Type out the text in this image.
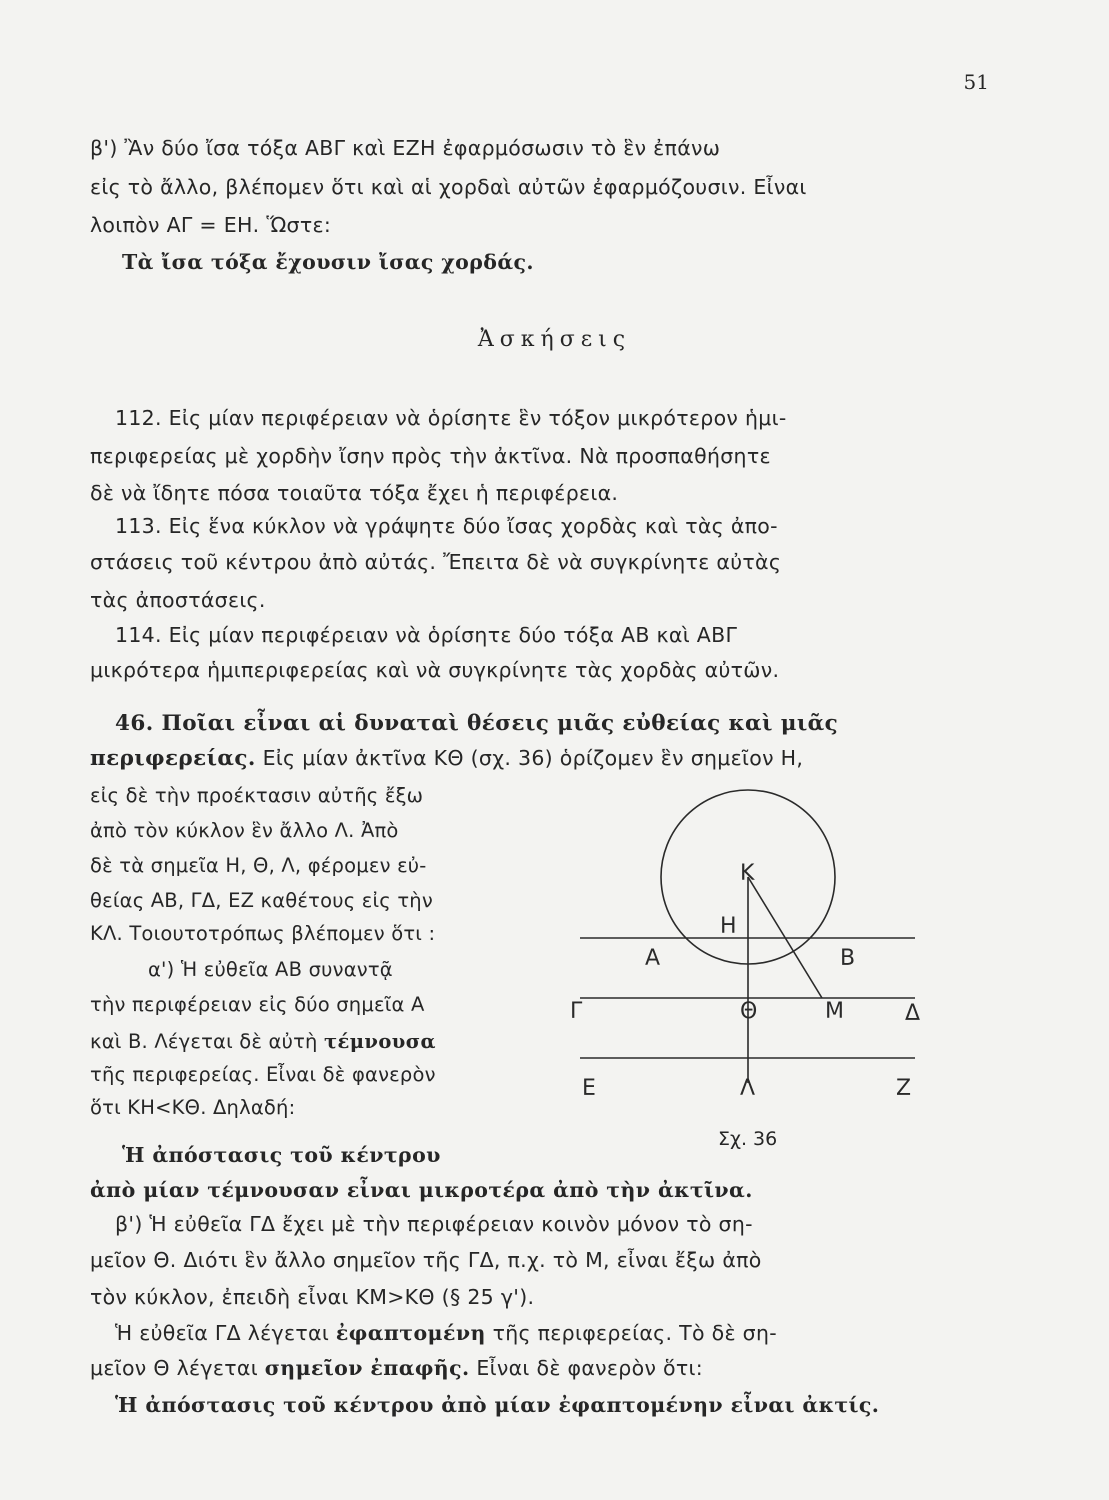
51
β') Ἂν δύο ἴσα τόξα ΑΒΓ καὶ ΕΖΗ ἐφαρμόσωσιν τὸ ἓν ἐπάνω
εἰς τὸ ἄλλο, βλέπομεν ὅτι καὶ αἱ χορδαὶ αὐτῶν ἐφαρμόζουσιν. Εἶναι
λοιπὸν ΑΓ = ΕΗ. Ὥστε:
Τὰ ἴσα τόξα ἔχουσιν ἴσας χορδάς.
Ἀσκήσεις
112. Εἰς μίαν περιφέρειαν νὰ ὁρίσητε ἓν τόξον μικρότερον ἡμι-
περιφερείας μὲ χορδὴν ἴσην πρὸς τὴν ἀκτῖνα. Νὰ προσπαθήσητε
δὲ νὰ ἴδητε πόσα τοιαῦτα τόξα ἔχει ἡ περιφέρεια.
113. Εἰς ἕνα κύκλον νὰ γράψητε δύο ἴσας χορδὰς καὶ τὰς ἀπο-
στάσεις τοῦ κέντρου ἀπὸ αὐτάς. Ἔπειτα δὲ νὰ συγκρίνητε αὐτὰς
τὰς ἀποστάσεις.
114. Εἰς μίαν περιφέρειαν νὰ ὁρίσητε δύο τόξα ΑΒ καὶ ΑΒΓ
μικρότερα ἡμιπεριφερείας καὶ νὰ συγκρίνητε τὰς χορδὰς αὐτῶν.
46. Ποῖαι εἶναι αἱ δυναταὶ θέσεις μιᾶς εὐθείας καὶ μιᾶς
περιφερείας. Εἰς μίαν ἀκτῖνα ΚΘ (σχ. 36) ὁρίζομεν ἓν σημεῖον Η,
εἰς δὲ τὴν προέκτασιν αὐτῆς ἔξω
ἀπὸ τὸν κύκλον ἓν ἄλλο Λ. Ἀπὸ
δὲ τὰ σημεῖα Η, Θ, Λ, φέρομεν εὐ-
θείας ΑΒ, ΓΔ, ΕΖ καθέτους εἰς τὴν
ΚΛ. Τοιουτοτρόπως βλέπομεν ὅτι :
α') Ἡ εὐθεῖα ΑΒ συναντᾷ
τὴν περιφέρειαν εἰς δύο σημεῖα Α
καὶ Β. Λέγεται δὲ αὐτὴ τέμνουσα
τῆς περιφερείας. Εἶναι δὲ φανερὸν
ὅτι ΚΗ<ΚΘ. Δηλαδή:
Ἡ ἀπόστασις τοῦ κέντρου
ἀπὸ μίαν τέμνουσαν εἶναι μικροτέρα ἀπὸ τὴν ἀκτῖνα.
β') Ἡ εὐθεῖα ΓΔ ἔχει μὲ τὴν περιφέρειαν κοινὸν μόνον τὸ ση-
μεῖον Θ. Διότι ἓν ἄλλο σημεῖον τῆς ΓΔ, π.χ. τὸ Μ, εἶναι ἔξω ἀπὸ
τὸν κύκλον, ἐπειδὴ εἶναι ΚΜ>ΚΘ (§ 25 γ').
Ἡ εὐθεῖα ΓΔ λέγεται ἐφαπτομένη τῆς περιφερείας. Τὸ δὲ ση-
μεῖον Θ λέγεται σημεῖον ἐπαφῆς. Εἶναι δὲ φανερὸν ὅτι:
Ἡ ἀπόστασις τοῦ κέντρου ἀπὸ μίαν ἐφαπτομένην εἶναι ἀκτίς.
Κ
Η
Α	Β
Γ	Θ	Μ	Δ
Ε	Λ	Ζ
Σχ. 36
